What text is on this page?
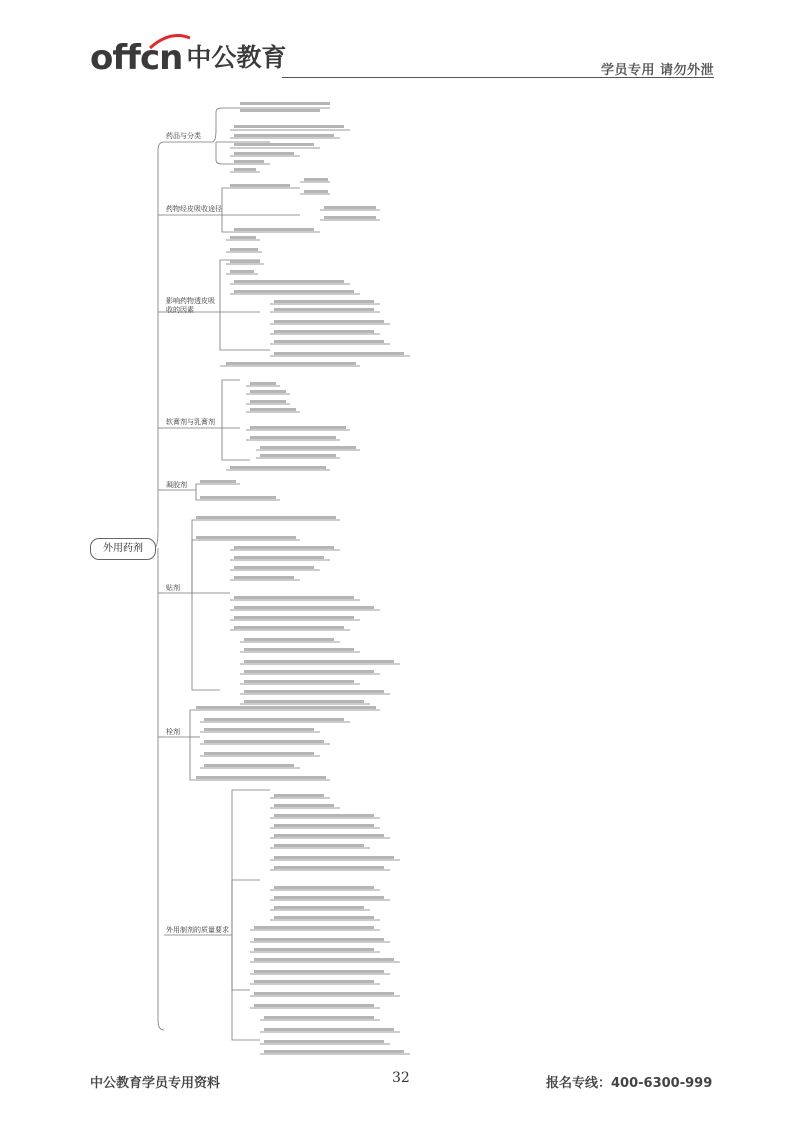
offcn 中公教育	学员专用 请勿外泄
外用药剂
药品与分类
药物经皮吸收途径
影响药物透皮吸收的因素
软膏剂与乳膏剂
凝胶剂
贴剂
栓剂
外用制剂的质量要求
中公教育学员专用资料	32	报名专线：400-6300-999
